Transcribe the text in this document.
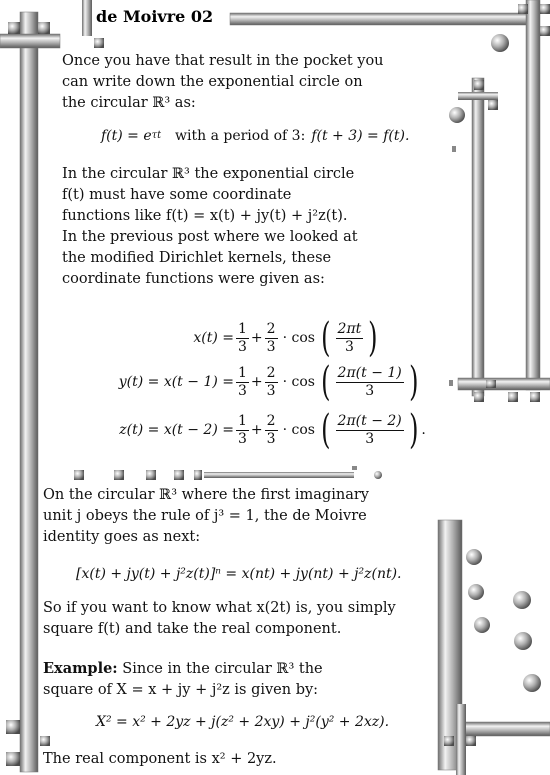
de Moivre 02
Once you have that result in the pocket you can write down the exponential circle on the circular ℝ³ as:
f(t) = e τt with a period of 3: f(t + 3) = f(t).
In the circular ℝ³ the exponential circle f(t) must have some coordinate functions like f(t) = x(t) + jy(t) + j²z(t). In the previous post where we looked at the modified Dirichlet kernels, these coordinate functions were given as:
$x(t) = \frac{1}{3} + \frac{2}{3} \cdot \cos$ ( $\frac{2\pi t}{3}$ )
$y(t) = x(t - 1) = \frac{1}{3} + \frac{2}{3} \cdot \cos$ ( $\frac{2\pi(t - 1)}{3}$ )
$z(t) = x(t - 2) = \frac{1}{3} + \frac{2}{3} \cdot \cos$ ( $\frac{2\pi(t - 2)}{3}$ ) .
On the circular ℝ³ where the first imaginary unit j obeys the rule of j³ = 1, the de Moivre identity goes as next:
[x(t) + jy(t) + j²z(t)]ⁿ = x(nt) + jy(nt) + j²z(nt).
So if you want to know what x(2t) is, you simply square f(t) and take the real component.
Example: Since in the circular ℝ³ the square of X = x + jy + j²z is given by:
X² = x² + 2yz + j(z² + 2xy) + j²(y² + 2xz).
The real component is x² + 2yz.
